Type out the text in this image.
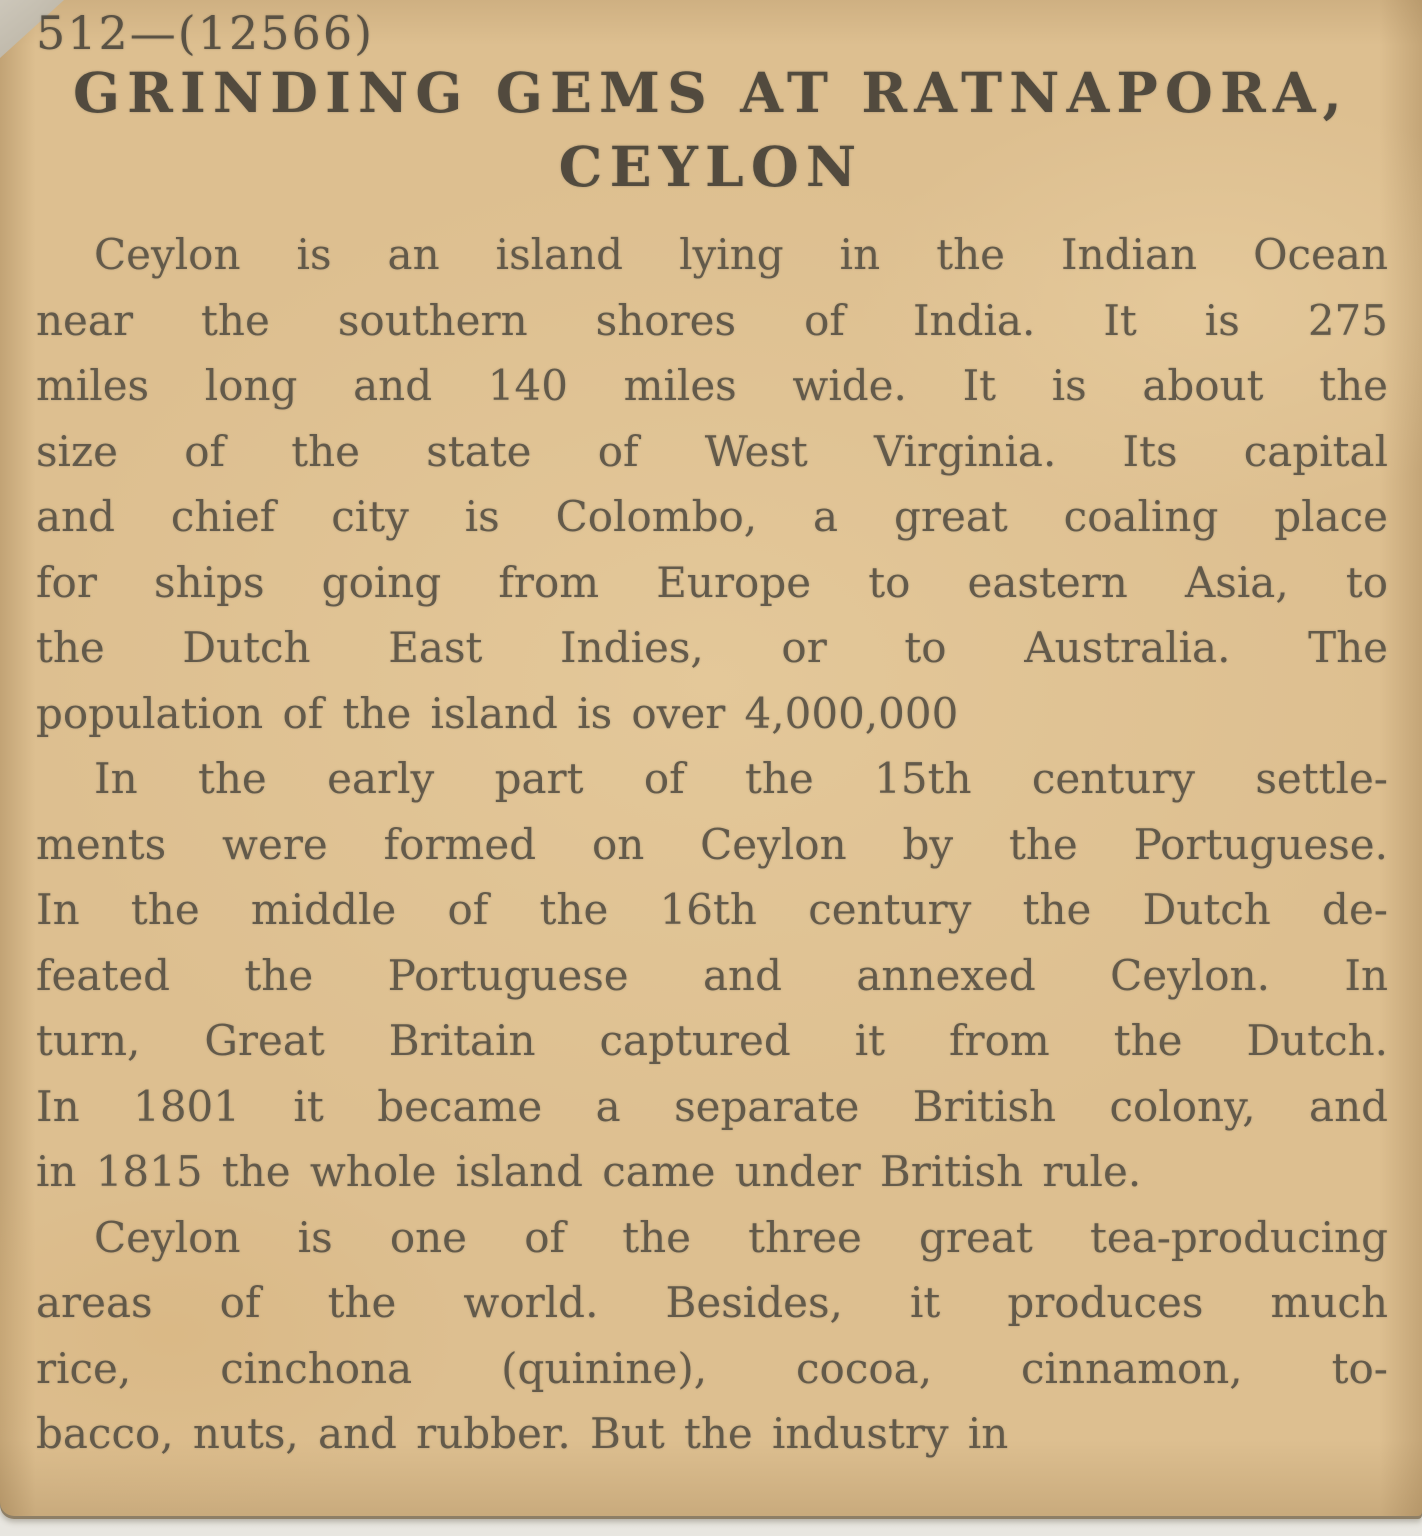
512—(12566)
GRINDING GEMS AT RATNAPORA,
CEYLON
Ceylon is an island lying in the Indian Ocean
near the southern shores of India. It is 275
miles long and 140 miles wide. It is about the
size of the state of West Virginia. Its capital
and chief city is Colombo, a great coaling place
for ships going from Europe to eastern Asia, to
the Dutch East Indies, or to Australia. The
population of the island is over 4,000,000
In the early part of the 15th century settle-
ments were formed on Ceylon by the Portuguese.
In the middle of the 16th century the Dutch de-
feated the Portuguese and annexed Ceylon. In
turn, Great Britain captured it from the Dutch.
In 1801 it became a separate British colony, and
in 1815 the whole island came under British rule.
Ceylon is one of the three great tea-producing
areas of the world. Besides, it produces much
rice, cinchona (quinine), cocoa, cinnamon, to-
bacco, nuts, and rubber. But the industry in
